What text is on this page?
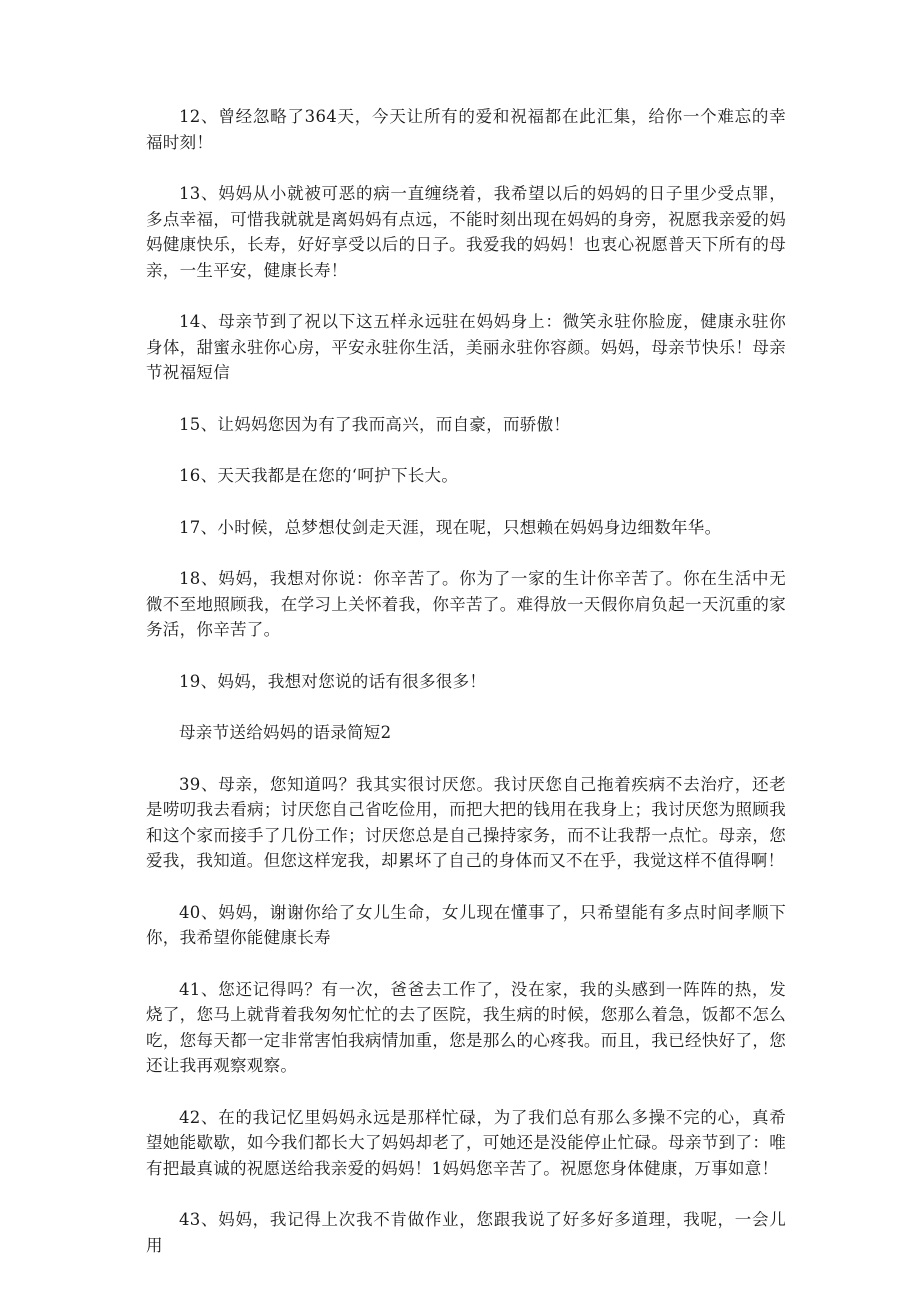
12、曾经忽略了364天，今天让所有的爱和祝福都在此汇集，给你一个难忘的幸福时刻！

13、妈妈从小就被可恶的病一直缠绕着，我希望以后的妈妈的日子里少受点罪，多点幸福，可惜我就就是离妈妈有点远，不能时刻出现在妈妈的身旁，祝愿我亲爱的妈妈健康快乐，长寿，好好享受以后的日子。我爱我的妈妈！也衷心祝愿普天下所有的母亲，一生平安，健康长寿！

14、母亲节到了祝以下这五样永远驻在妈妈身上：微笑永驻你脸庞，健康永驻你身体，甜蜜永驻你心房，平安永驻你生活，美丽永驻你容颜。妈妈，母亲节快乐！母亲节祝福短信

15、让妈妈您因为有了我而高兴，而自豪，而骄傲！

16、天天我都是在您的‘呵护下长大。

17、小时候，总梦想仗剑走天涯，现在呢，只想赖在妈妈身边细数年华。

18、妈妈，我想对你说：你辛苦了。你为了一家的生计你辛苦了。你在生活中无微不至地照顾我，在学习上关怀着我，你辛苦了。难得放一天假你肩负起一天沉重的家务活，你辛苦了。

19、妈妈，我想对您说的话有很多很多！

母亲节送给妈妈的语录简短2

39、母亲，您知道吗？我其实很讨厌您。我讨厌您自己拖着疾病不去治疗，还老是唠叨我去看病；讨厌您自己省吃俭用，而把大把的钱用在我身上；我讨厌您为照顾我和这个家而接手了几份工作；讨厌您总是自己操持家务，而不让我帮一点忙。母亲，您爱我，我知道。但您这样宠我，却累坏了自己的身体而又不在乎，我觉这样不值得啊！

40、妈妈，谢谢你给了女儿生命，女儿现在懂事了，只希望能有多点时间孝顺下你，我希望你能健康长寿

41、您还记得吗？有一次，爸爸去工作了，没在家，我的头感到一阵阵的热，发烧了，您马上就背着我匆匆忙忙的去了医院，我生病的时候，您那么着急，饭都不怎么吃，您每天都一定非常害怕我病情加重，您是那么的心疼我。而且，我已经快好了，您还让我再观察观察。

42、在的我记忆里妈妈永远是那样忙碌，为了我们总有那么多操不完的心，真希望她能歇歇，如今我们都长大了妈妈却老了，可她还是没能停止忙碌。母亲节到了：唯有把最真诚的祝愿送给我亲爱的妈妈！1妈妈您辛苦了。祝愿您身体健康，万事如意！

43、妈妈，我记得上次我不肯做作业，您跟我说了好多好多道理，我呢，一会儿用
